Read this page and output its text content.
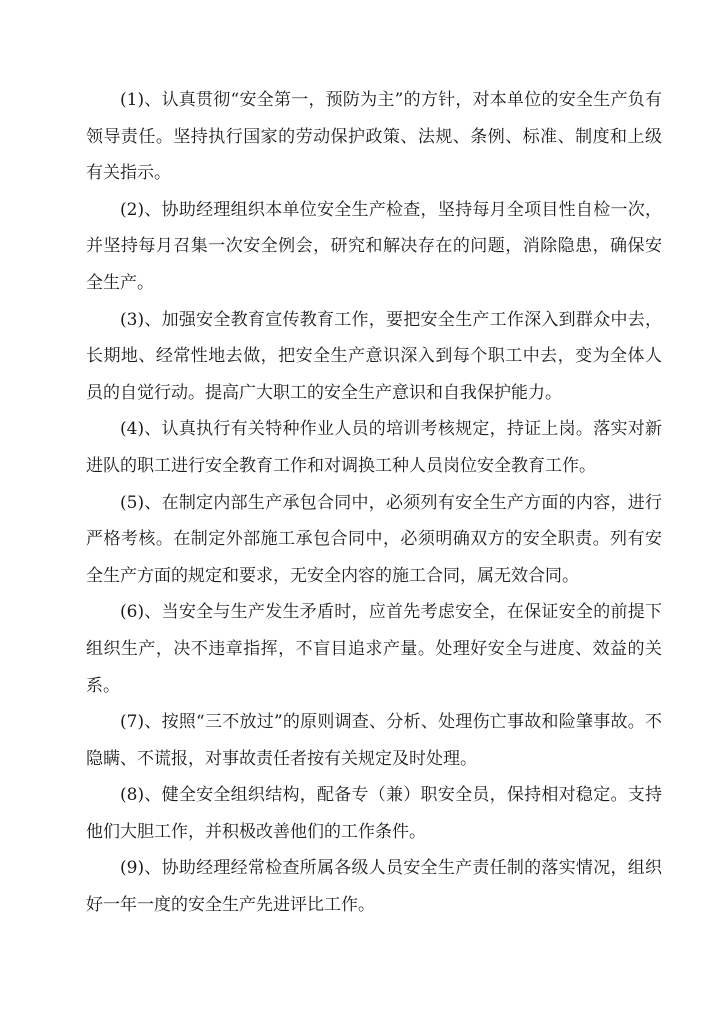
(1)、认真贯彻“安全第一，预防为主”的方针，对本单位的安全生产负有领导责任。坚持执行国家的劳动保护政策、法规、条例、标准、制度和上级有关指示。

(2)、协助经理组织本单位安全生产检查，坚持每月全项目性自检一次，并坚持每月召集一次安全例会，研究和解决存在的问题，消除隐患，确保安全生产。

(3)、加强安全教育宣传教育工作，要把安全生产工作深入到群众中去，长期地、经常性地去做，把安全生产意识深入到每个职工中去，变为全体人员的自觉行动。提高广大职工的安全生产意识和自我保护能力。

(4)、认真执行有关特种作业人员的培训考核规定，持证上岗。落实对新进队的职工进行安全教育工作和对调换工种人员岗位安全教育工作。

(5)、在制定内部生产承包合同中，必须列有安全生产方面的内容，进行严格考核。在制定外部施工承包合同中，必须明确双方的安全职责。列有安全生产方面的规定和要求，无安全内容的施工合同，属无效合同。

(6)、当安全与生产发生矛盾时，应首先考虑安全，在保证安全的前提下组织生产，决不违章指挥，不盲目追求产量。处理好安全与进度、效益的关系。

(7)、按照“三不放过”的原则调查、分析、处理伤亡事故和险肇事故。不隐瞒、不谎报，对事故责任者按有关规定及时处理。

(8)、健全安全组织结构，配备专（兼）职安全员，保持相对稳定。支持他们大胆工作，并积极改善他们的工作条件。

(9)、协助经理经常检查所属各级人员安全生产责任制的落实情况，组织好一年一度的安全生产先进评比工作。
